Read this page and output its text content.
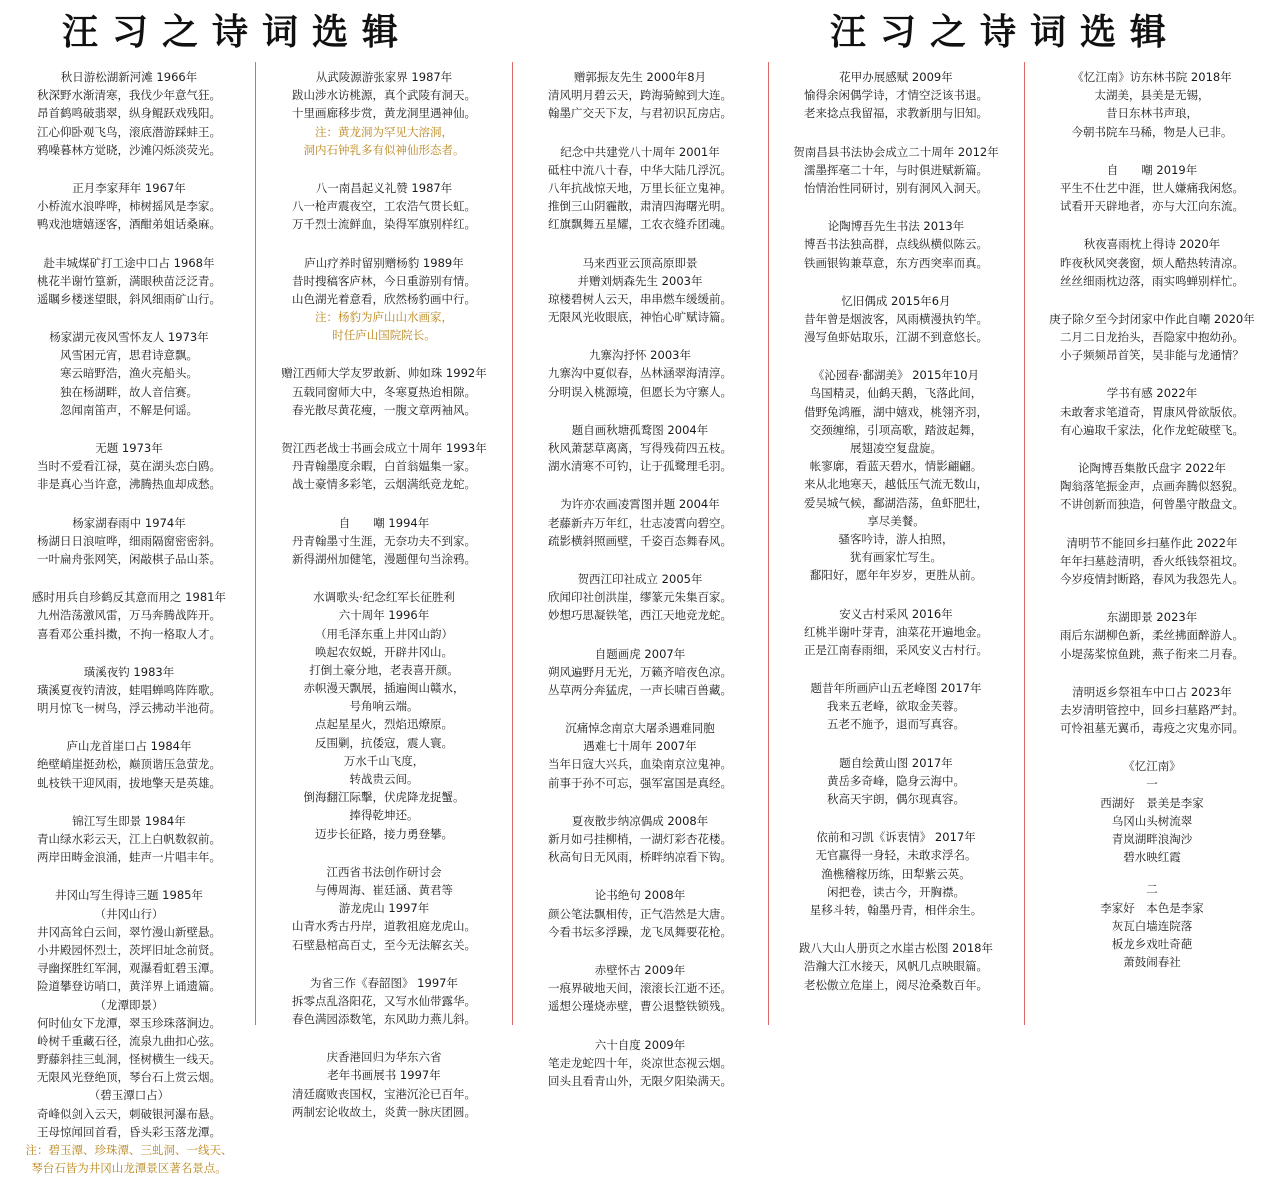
汪习之诗词选辑	汪习之诗词选辑
秋日游松湖新河滩 1966年
秋深野水渐清寒，我伐少年意气狂。
昂首鹤鸣破翡翠，纵身鲲跃戏残阳。
江心仰卧观飞鸟，滚底潜游踩蚌王。
鸦噪暮林方觉晓，沙滩闪烁淡荧光。
正月李家拜年 1967年
小桥流水浪哗哗，柿树摇风是李家。
鸭戏池塘嬉逐客，酒酣弟姐话桑麻。
赴丰城煤矿打工途中口占 1968年
桃花半谢竹篁新，满眼秧苗泛泛青。
遥瞩乡楼迷望眼，斜风细雨矿山行。
杨家湖元夜风雪怀友人 1973年
风雪困元宵，思君诗意飘。
寒云暗野浩，渔火亮船头。
独在杨湖畔，故人音信赛。
忽闻南笛声，不解是何谣。
无题 1973年
当时不爱看江禄，莫在湖头恋白鸥。
非是真心当许意，沸腾热血却成愁。
杨家湖春雨中 1974年
杨湖日日浪喧哗，细雨隔窗密密斜。
一叶扁舟张网笑，闲敲棋子品山茶。
感时用兵自珍鹤反其意而用之 1981年
九州浩荡激风雷，万马奔腾战阵开。
喜看邓公重抖擞，不拘一格取人才。
璜溪夜钓 1983年
璜溪夏夜钓清波，蛙唱蝉鸣阵阵歌。
明月惊飞一树鸟，浮云拂动半池荷。
庐山龙首崖口占 1984年
绝壁峭崖挺劲松，巅顶谐压急萤龙。
虬枝铁干迎风雨，拔地擎天是英雄。
锦江写生即景 1984年
青山绿水彩云天，江上白帆数叙前。
两岸田畴金浪涌，蛙声一片唱丰年。
井冈山写生得诗三题 1985年
（井冈山行）
井冈高耸白云间，翠竹漫山新壁悬。
小井殿园怀烈士，茨坪旧址念前贤。
寻幽探胜红军洞，观瀑看虹碧玉潭。
险道攀登访哨口，黄洋界上诵遗篇。
（龙潭即景）
何时仙女下龙潭，翠玉珍珠落涧边。
岭树千重藏石径，流泉九曲扣心弦。
野藤斜挂三虬洞，怪树横生一线天。
无限风光登绝顶，琴台石上赏云烟。
（碧玉潭口占）
奇峰似剑入云天，刺破银河瀑布悬。
王母惊闻回首看，昏头彩玉落龙潭。
注：碧玉潭、珍珠潭、三虬洞、一线天、
琴台石皆为井冈山龙潭景区著名景点。
从武陵源游张家界 1987年
跋山涉水访桃源，真个武陵有洞天。
十里画廊移步赏，黄龙洞里遇神仙。
注：黄龙洞为罕见大溶洞，
洞内石钟乳多有似神仙形态者。
八一南昌起义礼赞 1987年
八一枪声震夜空，工农浩气贯长虹。
万千烈士流鲜血，染得军旗别样红。
庐山疗养时留别赠杨豹 1989年
昔时搜稿客庐林，今日重游别有情。
山色湖光着意看，欣然杨豹画中行。
注：杨豹为庐山山水画家，
时任庐山国院院长。
赠江西师大学友罗敢新、帅如珠 1992年
五载同窗师大中，冬寒夏热迨相隙。
春光散尽黄花瘦，一腹文章两袖风。
贺江西老战士书画会成立十周年 1993年
丹青翰墨度余暇，白首翁媪集一家。
战士豪情多彩笔，云烟满纸竞龙蛇。
自　　嘲 1994年
丹青翰墨寸生涯，无奈功夫不到家。
新得湖州加健笔，漫题俚句当涂鸦。
水调歌头·纪念红军长征胜利
六十周年 1996年
（用毛泽东重上井冈山韵）
唤起农奴蜕，开辟井冈山。
打倒土豪分地，老表喜开颜。
赤帜漫天飘展，插遍闽山赣水，
号角响云端。
点起星星火，烈焰迅燎原。
反围剿，抗倭寇，震人寰。
万水千山飞度，
转战贵云间。
倒海翻江际擊，伏虎降龙捉蟹。
捧得乾坤还。
迈步长征路，接力勇登攀。
江西省书法创作研讨会
与傅周海、崔廷涵、黄君等
游龙虎山 1997年
山青水秀古丹岸，道教祖庭龙虎山。
石壁悬棺高百丈，至今无法解玄关。
为省三作《春韶图》 1997年
拆零点乱洛阳花，又写水仙带露华。
春色满园添数笔，东风助力燕儿斜。
庆香港回归为华东六省
老年书画展书 1997年
清廷腐败丧国权，宝港沉沦已百年。
两制宏论收故土，炎黄一脉庆团圆。
赠郭振友先生 2000年8月
清风明月碧云天，跨海骑鲸到大连。
翰墨广交天下友，与君初识瓦房店。
纪念中共建党八十周年 2001年
砥柱中流八十春，中华大陆几浮沉。
八年抗战惊天地，万里长征立鬼神。
推倒三山阴霾散，肃清四海曙光明。
红旗飘舞五星耀，工农衣缝乔团魂。
马来西亚云顶高原即景
并赠刘炳森先生 2003年
琼楼碧树人云天，串串燃车缓缓前。
无限风光收眼底，神怡心旷赋诗篇。
九寨沟抒怀 2003年
九寨沟中夏似春，丛林涵翠海清淳。
分明误入桃源境，但愿长为守寨人。
题自画秋塘孤鹜图 2004年
秋风萧瑟草离离，写得残荷四五枝。
湖水清寒不可钓，让于孤鹭理毛羽。
为许亦农画凌霄图并题 2004年
老藤新卉万年红，壮志凌霄向碧空。
疏影横斜照画壁，千姿百态舞春风。
贺西江印社成立 2005年
欣闻印社创洪崖，缪篆元朱集百家。
妙想巧思凝铁笔，西江天地竞龙蛇。
自题画虎 2007年
朔风遍野月无光，万籁齐喑夜色凉。
丛草两分奔猛虎，一声长啸百兽藏。
沉痛悼念南京大屠杀遇难同胞
遇难七十周年 2007年
当年日寇大兴兵，血染南京泣鬼神。
前事于孙不可忘，强军富国是真经。
夏夜散步纳凉偶成 2008年
新月如弓挂柳梢，一湖灯彩杏花楼。
秋高旬日无风雨，桥畔纳凉看下钩。
论书绝句 2008年
颜公笔法飘相传，正气浩然是大唐。
今看书坛多浮躁，龙飞凤舞要花枪。
赤壁怀古 2009年
一痕界破地天间，滚滚长江逝不还。
遥想公瑾烧赤壁，曹公退整铁锁残。
六十自度 2009年
笔走龙蛇四十年，炎凉世态视云烟。
回头且看青山外，无限夕阳染满天。
花甲办展感赋 2009年
愉得余闲偶学诗，才情空泛该书退。
老来捻点我留福，求教新朋与旧知。
贺南昌县书法协会成立二十周年 2012年
濡墨挥毫二十年，与时俱进赋新篇。
怡情治性同研讨，别有洞风入洞天。
论陶博吾先生书法 2013年
博吾书法独高群，点线纵横似陈云。
铁画银钩兼草意，东方西突率而真。
忆旧偶成 2015年6月
昔年曾是烟波客，风雨横漫执钓竿。
漫写鱼虾姑取乐，江湖不到意悠长。
《沁园春·鄱湖美》 2015年10月
鸟国精灵，仙鹤天鹅，飞落此间，
借野兔鸿雁，湖中嬉戏，桃翎齐羽，
交颈缠绵，引项高歌，踏波起舞，
展翅凌空复盘旋。
帐寥廓，看蓝天碧水，情影翩翩。
来从北地寒天，越低压气流无数山，
爱吴城气候，鄱湖浩荡，鱼虾肥壮，
享尽美餐。
骚客吟诗，游人拍照，
犹有画家忙写生。
鄱阳好，愿年年岁岁，更胜从前。
安义古村采风 2016年
红桃半谢叶芽青，油菜花开遍地金。
正是江南春雨细，采风安义古村行。
题昔年所画庐山五老峰图 2017年
我来五老峰，欲取金芙蓉。
五老不施予，退而写真容。
题自绘黄山图 2017年
黄岳多奇峰，隐身云海中。
秋高天宇朗，偶尔现真容。
依前和习凯《诉衷情》 2017年
无官赢得一身轻，未敢求浮名。
渔樵稽稼历练，田犁紫云英。
闲把卷，读古今，开胸襟。
星移斗转，翰墨丹青，相伴余生。
跋八大山人册页之水崖古松图 2018年
浩瀚大江水接天，风帆几点映眼篇。
老松傲立危崖上，阅尽沧桑数百年。
《忆江南》访东林书院 2018年
太湖美，县美是无锡，
昔日东林书声琅，
今朝书院车马稀，物是人已非。
自　　嘲 2019年
平生不仕艺中涯，世人嫌痛我闲悠。
试看开天辟地者，亦与大江向东流。
秋夜喜雨枕上得诗 2020年
昨夜秋风突袭窗，烦人酷热转清凉。
丝丝细雨枕边落，雨实鸣蝉别样忙。
庚子除夕至今封闭家中作此自嘲 2020年
二月二日龙抬头，吾隐家中抱幼孙。
小子频频昂首笑，吴非能与龙通情？
学书有感 2022年
未敢奢求笔道奇，胃康风骨欲版依。
有心遍取千家法，化作龙蛇破壁飞。
论陶博吾集散氏盘字 2022年
陶翁落笔振金声，点画奔腾似怒猊。
不讲创新而独造，何曾墨守散盘文。
清明节不能回乡扫墓作此 2022年
年年扫墓趁清明，香火纸钱祭祖坟。
今岁疫情封断路，春风为我怨先人。
东湖即景 2023年
雨后东湖柳色新，柔丝拂面醉游人。
小堤荡桨惊鱼跳，燕子衔来二月春。
清明返乡祭祖车中口占 2023年
去岁清明管控中，回乡扫墓路严封。
可怜祖墓无翼币，毒疫之灾鬼亦同。
《忆江南》
一
西湖好　景美是李家
乌冈山头树流翠
青岚湖畔浪淘沙
碧水映红霞
二
李家好　本色是李家
灰瓦白墙连院落
板龙乡戏吐奇葩
萧鼓闹春社
